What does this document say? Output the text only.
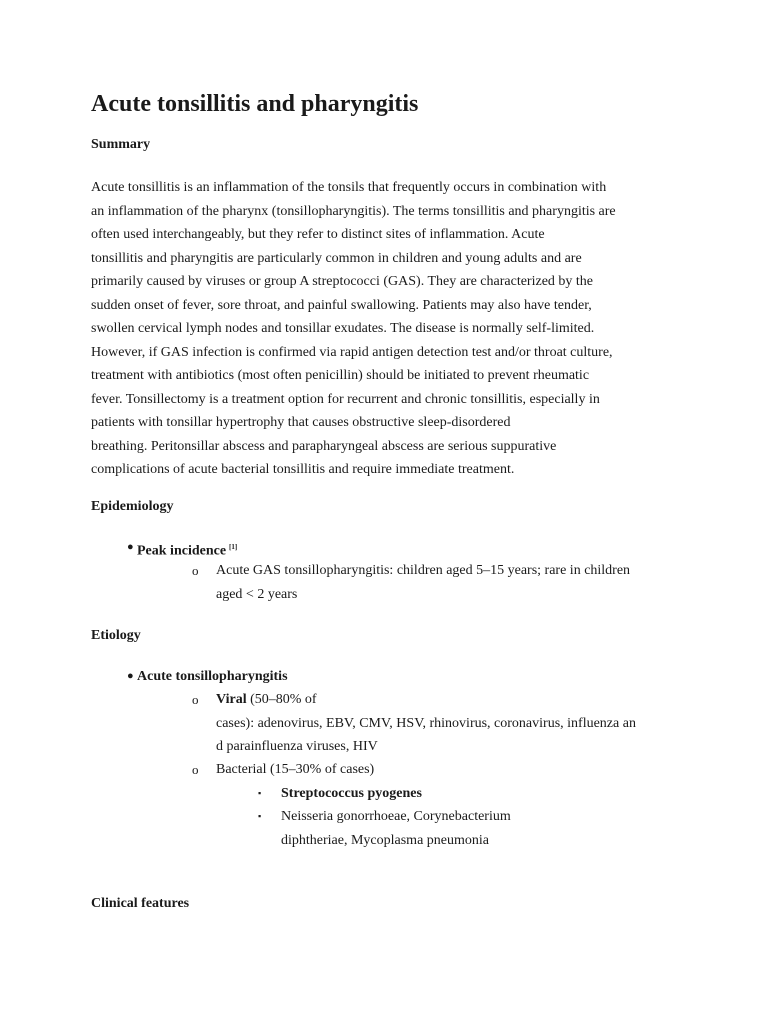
Acute tonsillitis and pharyngitis
Summary
Acute tonsillitis is an inflammation of the tonsils that frequently occurs in combination with
an inflammation of the pharynx (tonsillopharyngitis). The terms tonsillitis and pharyngitis are
often used interchangeably, but they refer to distinct sites of inflammation. Acute
tonsillitis and pharyngitis are particularly common in children and young adults and are
primarily caused by viruses or group A streptococci (GAS). They are characterized by the
sudden onset of fever, sore throat, and painful swallowing. Patients may also have tender,
swollen cervical lymph nodes and tonsillar exudates. The disease is normally self-limited.
However, if GAS infection is confirmed via rapid antigen detection test and/or throat culture,
treatment with antibiotics (most often penicillin) should be initiated to prevent rheumatic
fever. Tonsillectomy is a treatment option for recurrent and chronic tonsillitis, especially in
patients with tonsillar hypertrophy that causes obstructive sleep-disordered
breathing. Peritonsillar abscess and parapharyngeal abscess are serious suppurative
complications of acute bacterial tonsillitis and require immediate treatment.
Epidemiology
● Peak incidence [1]
o Acute GAS tonsillopharyngitis: children aged 5–15 years; rare in children
aged < 2 years
Etiology
● Acute tonsillopharyngitis
o Viral (50–80% of
cases): adenovirus, EBV, CMV, HSV, rhinovirus, coronavirus, influenza an
d parainfluenza viruses, HIV
o Bacterial (15–30% of cases)
▪ Streptococcus pyogenes
▪ Neisseria gonorrhoeae, Corynebacterium
diphtheriae, Mycoplasma pneumonia
Clinical features
